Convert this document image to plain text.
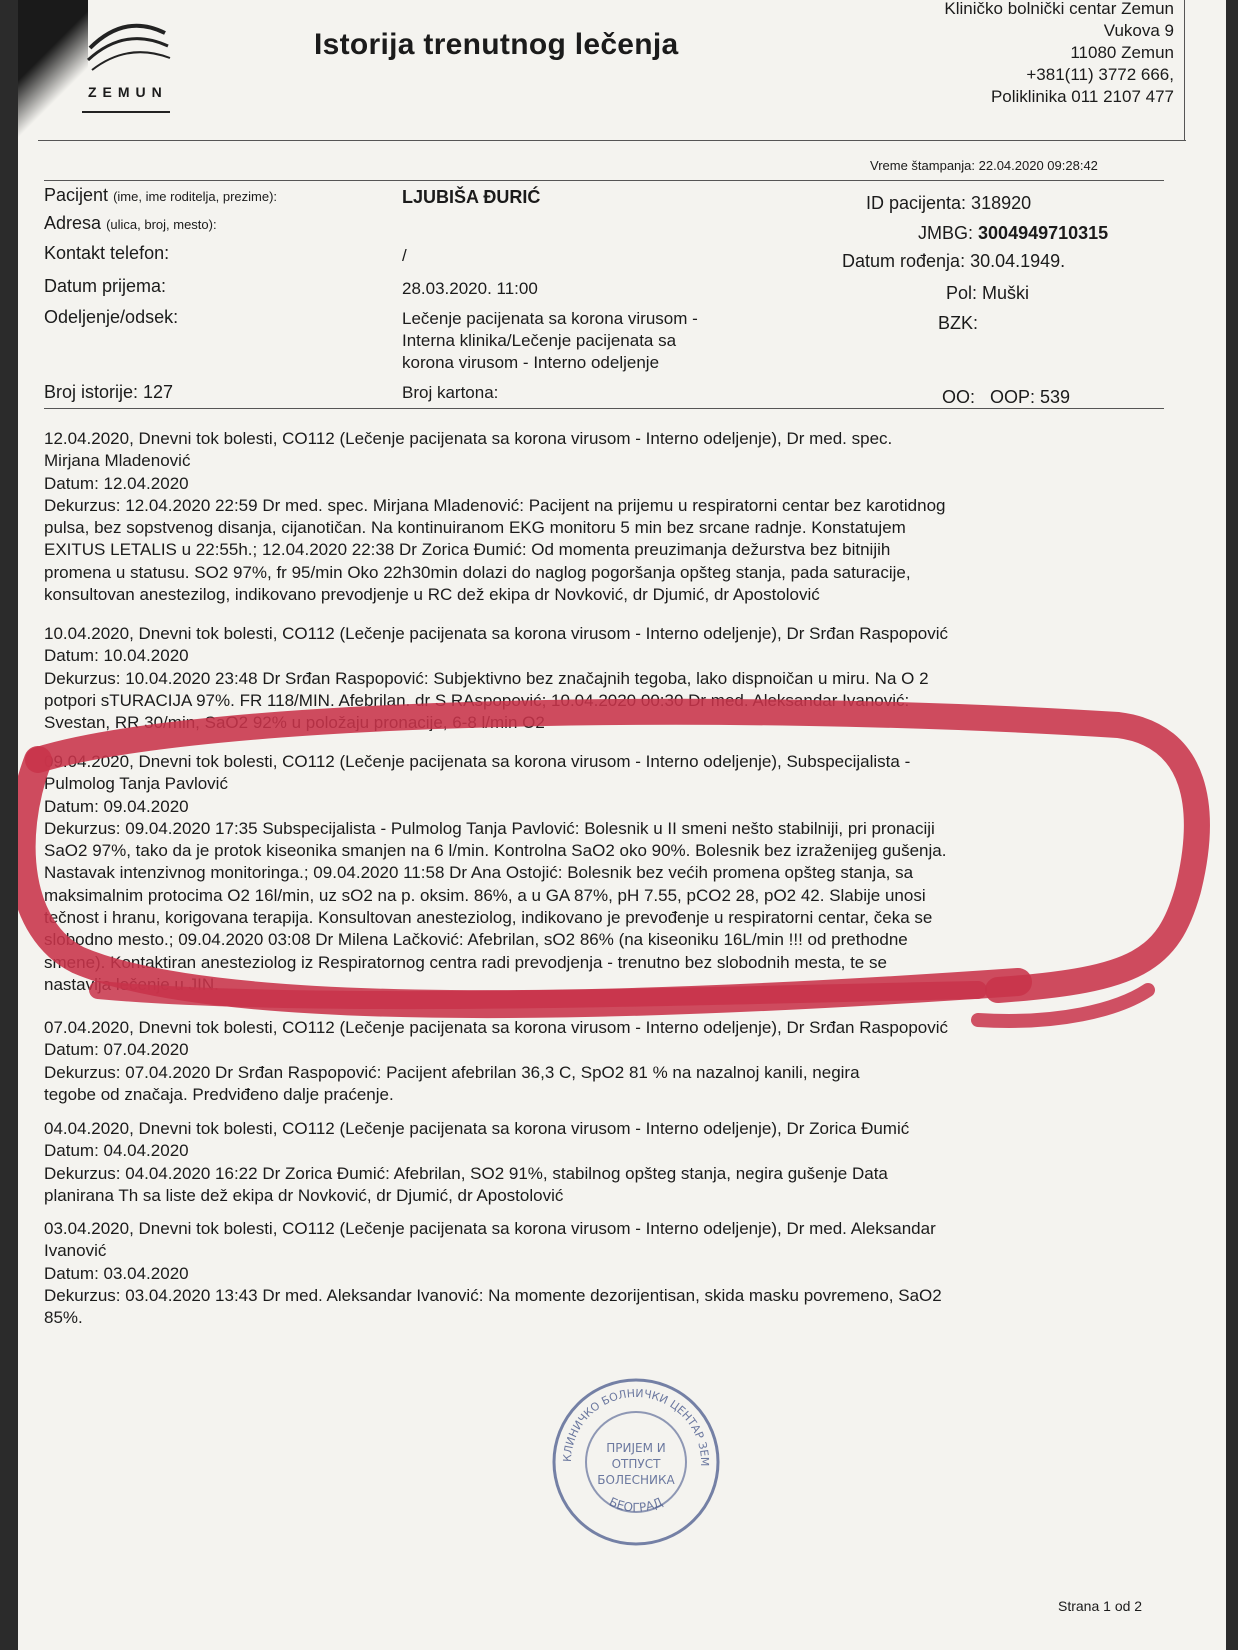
ZEMUN
Istorija trenutnog lečenja
Kliničko bolnički centar Zemun
Vukova 9
11080 Zemun
+381(11) 3772 666,
Poliklinika 011 2107 477
Vreme štampanja: 22.04.2020 09:28:42
Pacijent (ime, ime roditelja, prezime):
Adresa (ulica, broj, mesto):
Kontakt telefon:
Datum prijema:
Odeljenje/odsek:
Broj istorije: 127
LJUBIŠA ĐURIĆ
/
28.03.2020. 11:00
Lečenje pacijenata sa korona virusom -
Interna klinika/Lečenje pacijenata sa
korona virusom - Interno odeljenje
Broj kartona:
ID pacijenta: 318920
JMBG: 3004949710315
Datum rođenja: 30.04.1949.
Pol: Muški
BZK:
OO:   OOP: 539

12.04.2020, Dnevni tok bolesti, CO112 (Lečenje pacijenata sa korona virusom - Interno odeljenje), Dr med. spec.

Mirjana Mladenović

Datum: 12.04.2020

Dekurzus: 12.04.2020 22:59 Dr med. spec. Mirjana Mladenović: Pacijent na prijemu u respiratorni centar bez karotidnog

pulsa, bez sopstvenog disanja, cijanotičan. Na kontinuiranom EKG monitoru 5 min bez srcane radnje. Konstatujem

EXITUS LETALIS u 22:55h.; 12.04.2020 22:38 Dr Zorica Đumić: Od momenta preuzimanja dežurstva bez bitnijih

promena u statusu. SO2 97%, fr 95/min Oko 22h30min dolazi do naglog pogoršanja opšteg stanja, pada saturacije,

konsultovan anestezilog, indikovano prevodjenje u RC dež ekipa dr Novković, dr Djumić, dr Apostolović

10.04.2020, Dnevni tok bolesti, CO112 (Lečenje pacijenata sa korona virusom - Interno odeljenje), Dr Srđan Raspopović

Datum: 10.04.2020

Dekurzus: 10.04.2020 23:48 Dr Srđan Raspopović: Subjektivno bez značajnih tegoba, lako dispnoičan u miru. Na O 2

potpori sTURACIJA 97%. FR 118/MIN. Afebrilan. dr S RAspopović; 10.04.2020 00:30 Dr med. Aleksandar Ivanović:

Svestan, RR 30/min, SaO2 92% u položaju pronacije, 6-8 l/min O2

09.04.2020, Dnevni tok bolesti, CO112 (Lečenje pacijenata sa korona virusom - Interno odeljenje), Subspecijalista -

Pulmolog Tanja Pavlović

Datum: 09.04.2020

Dekurzus: 09.04.2020 17:35 Subspecijalista - Pulmolog Tanja Pavlović: Bolesnik u II smeni nešto stabilniji, pri pronaciji

SaO2 97%, tako da je protok kiseonika smanjen na 6 l/min. Kontrolna SaO2 oko 90%. Bolesnik bez izraženijeg gušenja.

Nastavak intenzivnog monitoringa.; 09.04.2020 11:58 Dr Ana Ostojić: Bolesnik bez većih promena opšteg stanja, sa

maksimalnim protocima O2 16l/min, uz sO2 na p. oksim. 86%, a u GA 87%, pH 7.55, pCO2 28, pO2 42. Slabije unosi

tečnost i hranu, korigovana terapija. Konsultovan anesteziolog, indikovano je prevođenje u respiratorni centar, čeka se

slobodno mesto.; 09.04.2020 03:08 Dr Milena Lačković: Afebrilan, sO2 86% (na kiseoniku 16L/min !!! od prethodne

smene). Kontaktiran anesteziolog iz Respiratornog centra radi prevodjenja - trenutno bez slobodnih mesta, te se

nastavlja lečenje u JIN.

07.04.2020, Dnevni tok bolesti, CO112 (Lečenje pacijenata sa korona virusom - Interno odeljenje), Dr Srđan Raspopović

Datum: 07.04.2020

Dekurzus: 07.04.2020 Dr Srđan Raspopović: Pacijent afebrilan 36,3 C, SpO2 81 % na nazalnoj kanili, negira

tegobe od značaja. Predviđeno dalje praćenje.

04.04.2020, Dnevni tok bolesti, CO112 (Lečenje pacijenata sa korona virusom - Interno odeljenje), Dr Zorica Đumić

Datum: 04.04.2020

Dekurzus: 04.04.2020 16:22 Dr Zorica Đumić: Afebrilan, SO2 91%, stabilnog opšteg stanja, negira gušenje Data

planirana Th sa liste dež ekipa dr Novković, dr Djumić, dr Apostolović

03.04.2020, Dnevni tok bolesti, CO112 (Lečenje pacijenata sa korona virusom - Interno odeljenje), Dr med. Aleksandar

Ivanović

Datum: 03.04.2020

Dekurzus: 03.04.2020 13:43 Dr med. Aleksandar Ivanović: Na momente dezorijentisan, skida masku povremeno, SaO2

85%.

КЛИНИЧКО БОЛНИЧКИ ЦЕНТАР ЗЕМ
БЕОГРАД
ПРИЈЕМ И
ОТПУСТ
БОЛЕСНИКА
Strana 1 od 2
